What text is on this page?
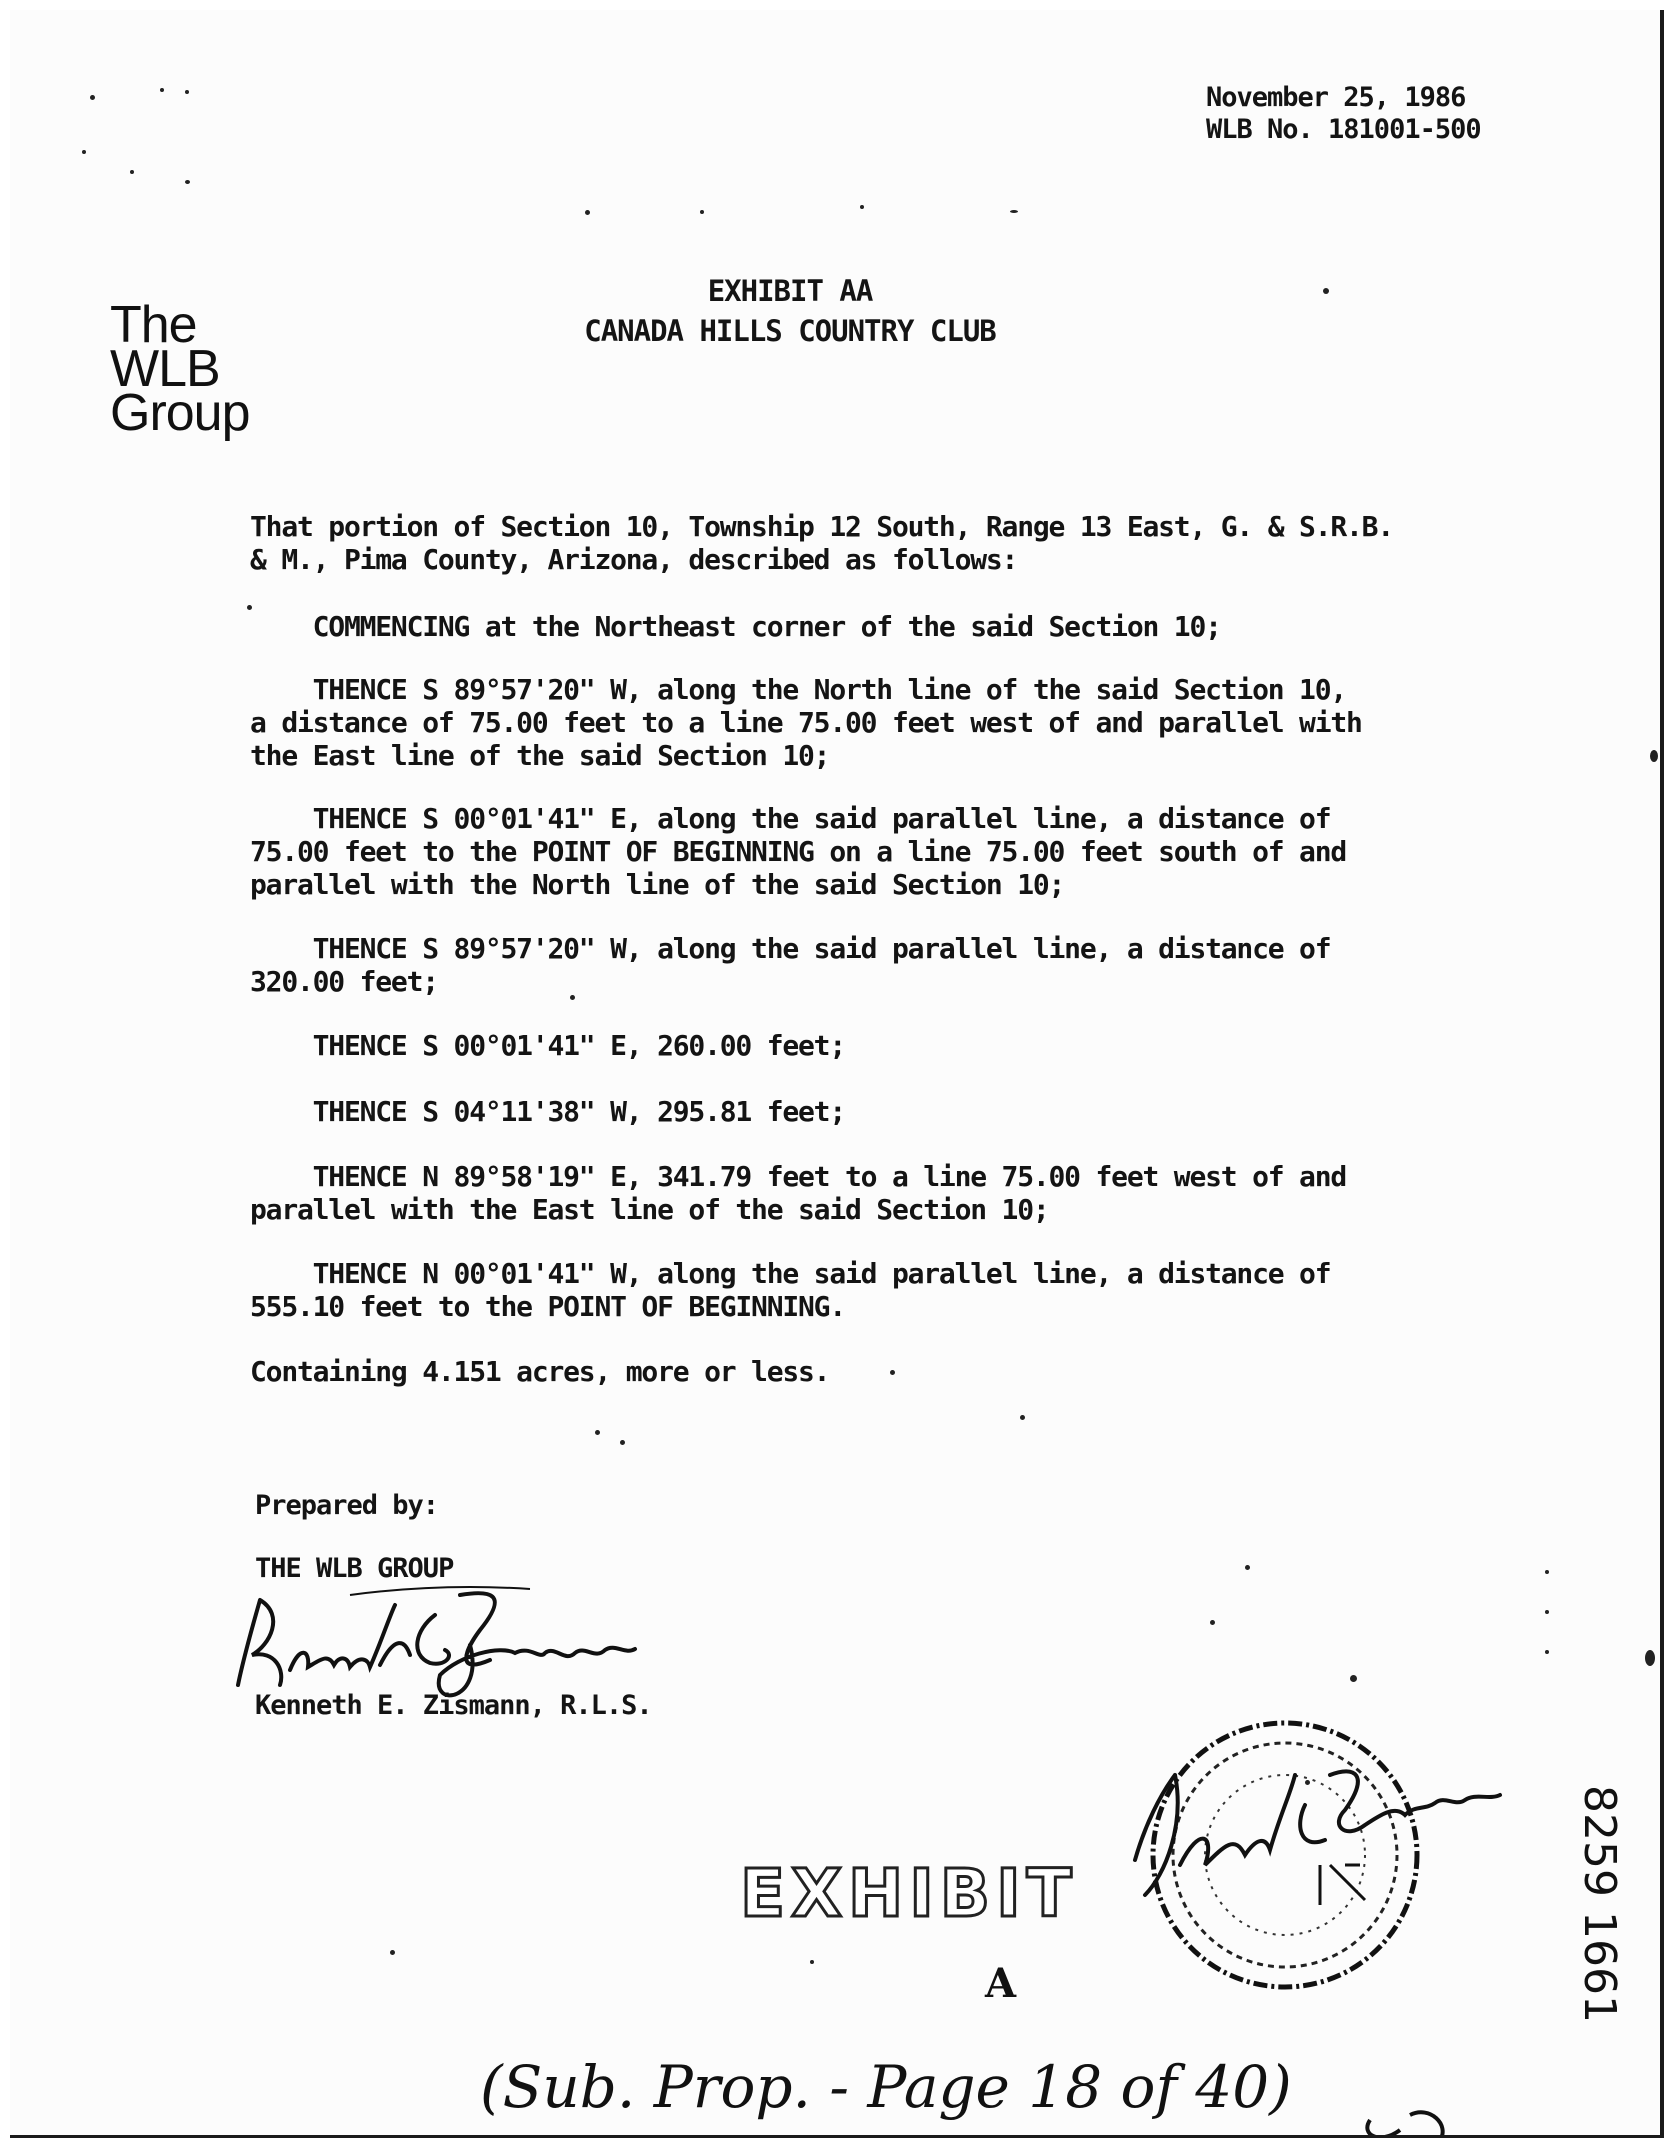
November 25, 1986
WLB No. 181001-500
The
WLB
Group
EXHIBIT AA
CANADA HILLS COUNTRY CLUB
That portion of Section 10, Township 12 South, Range 13 East, G. & S.R.B.
& M., Pima County, Arizona, described as follows:
COMMENCING at the Northeast corner of the said Section 10;
THENCE S 89°57'20" W, along the North line of the said Section 10,
a distance of 75.00 feet to a line 75.00 feet west of and parallel with
the East line of the said Section 10;
THENCE S 00°01'41" E, along the said parallel line, a distance of
75.00 feet to the POINT OF BEGINNING on a line 75.00 feet south of and
parallel with the North line of the said Section 10;
THENCE S 89°57'20" W, along the said parallel line, a distance of
320.00 feet;
THENCE S 00°01'41" E, 260.00 feet;
THENCE S 04°11'38" W, 295.81 feet;
THENCE N 89°58'19" E, 341.79 feet to a line 75.00 feet west of and
parallel with the East line of the said Section 10;
THENCE N 00°01'41" W, along the said parallel line, a distance of
555.10 feet to the POINT OF BEGINNING.
Containing 4.151 acres, more or less.
Prepared by:
THE WLB GROUP
Kenneth E. Zismann, R.L.S.
EXHIBIT
A	8259 1661
(Sub. Prop. - Page 18 of 40)
